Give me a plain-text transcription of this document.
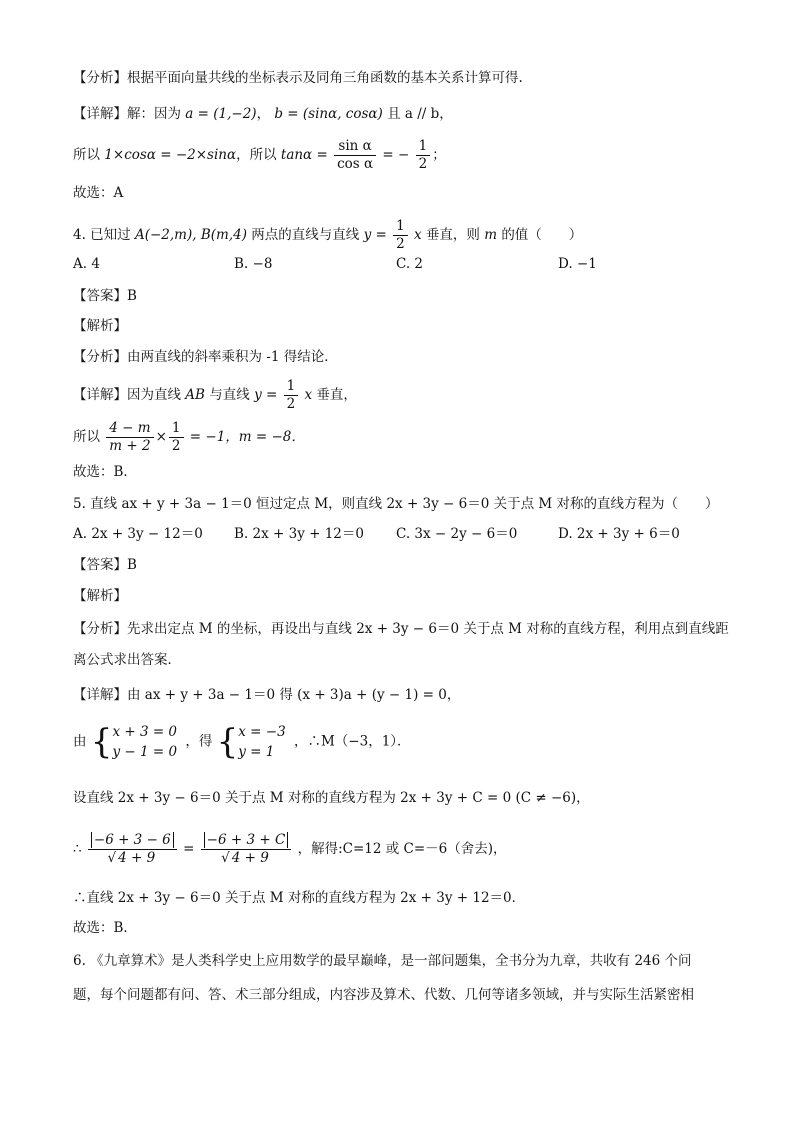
【分析】根据平面向量共线的坐标表示及同角三角函数的基本关系计算可得.
【详解】解：因为 a = (1,−2)， b = (sinα, cosα) 且 a // b，
所以 1×cosα = −2×sinα，所以 $\tan\alpha = \frac{\text{sin α}}{\text{cos α}}$ = − $\frac{1}{2}$ ；
故选：A
4. 已知过 A(−2,m), B(m,4) 两点的直线与直线 $y = \frac{1}{2}$ x 垂直，则 m 的值（　　）
A. 4	B. −8	C. 2	D. −1
【答案】B
【解析】
【分析】由两直线的斜率乘积为 -1 得结论．
【详解】因为直线 AB 与直线 $y = \frac{1}{2}$ x 垂直，
所以 $\frac{4 - m}{m + 2} \times \frac{1}{2} = -1$，m = −8．
故选：B．
5. 直线 ax + y + 3a − 1＝0 恒过定点 M，则直线 2x + 3y − 6＝0 关于点 M 对称的直线方程为（　　）
A. 2x + 3y − 12＝0 B. 2x + 3y + 12＝0 C. 3x − 2y − 6＝0	D. 2x + 3y + 6＝0
【答案】B
【解析】
【分析】先求出定点 M 的坐标，再设出与直线 2x + 3y − 6＝0 关于点 M 对称的直线方程，利用点到直线距
离公式求出答案．
【详解】由 ax + y + 3a − 1＝0 得 (x + 3)a + (y − 1) = 0，
由 { x + 3 = 0
y − 1 = 0
，得 { x = −3
y = 1
，∴M（−3，1）．
设直线 2x + 3y − 6＝0 关于点 M 对称的直线方程为 2x + 3y + C = 0 (C ≠ −6)，
∴ $\frac{-6 + 3 - 6}{√ 4 + 9} = \frac{-6 + 3 + C}{√ 4 + 9}$ ，解得:C=12 或 C=－6（舍去)，
∴直线 2x + 3y − 6＝0 关于点 M 对称的直线方程为 2x + 3y + 12＝0．
故选：B．
6. 《九章算术》是人类科学史上应用数学的最早巅峰，是一部问题集，全书分为九章，共收有 246 个问
题，每个问题都有问、答、术三部分组成，内容涉及算术、代数、几何等诸多领域，并与实际生活紧密相
